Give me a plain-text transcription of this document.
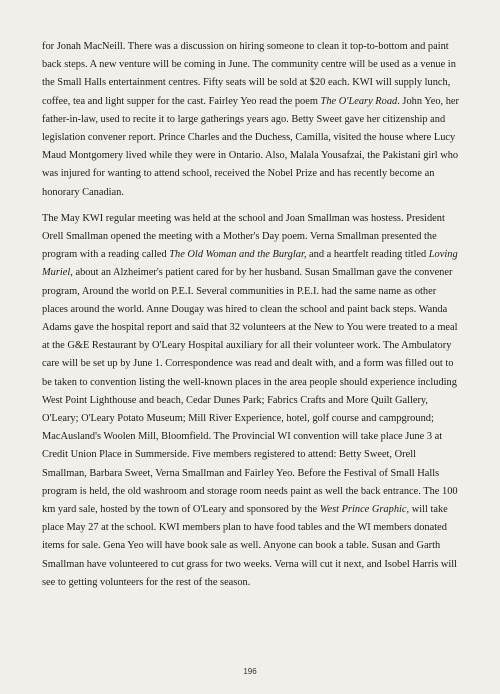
for Jonah MacNeill. There was a discussion on hiring someone to clean it top-to-bottom and paint back steps. A new venture will be coming in June. The community centre will be used as a venue in the Small Halls entertainment centres. Fifty seats will be sold at $20 each. KWI will supply lunch, coffee, tea and light supper for the cast. Fairley Yeo read the poem The O'Leary Road. John Yeo, her father-in-law, used to recite it to large gatherings years ago. Betty Sweet gave her citizenship and legislation convener report. Prince Charles and the Duchess, Camilla, visited the house where Lucy Maud Montgomery lived while they were in Ontario. Also, Malala Yousafzai, the Pakistani girl who was injured for wanting to attend school, received the Nobel Prize and has recently become an honorary Canadian.

The May KWI regular meeting was held at the school and Joan Smallman was hostess. President Orell Smallman opened the meeting with a Mother's Day poem. Verna Smallman presented the program with a reading called The Old Woman and the Burglar, and a heartfelt reading titled Loving Muriel, about an Alzheimer's patient cared for by her husband. Susan Smallman gave the convener program, Around the world on P.E.I. Several communities in P.E.I. had the same name as other places around the world. Anne Dougay was hired to clean the school and paint back steps. Wanda Adams gave the hospital report and said that 32 volunteers at the New to You were treated to a meal at the G&E Restaurant by O'Leary Hospital auxiliary for all their volunteer work. The Ambulatory care will be set up by June 1. Correspondence was read and dealt with, and a form was filled out to be taken to convention listing the well-known places in the area people should experience including West Point Lighthouse and beach, Cedar Dunes Park; Fabrics Crafts and More Quilt Gallery, O'Leary; O'Leary Potato Museum; Mill River Experience, hotel, golf course and campground; MacAusland's Woolen Mill, Bloomfield. The Provincial WI convention will take place June 3 at Credit Union Place in Summerside. Five members registered to attend: Betty Sweet, Orell Smallman, Barbara Sweet, Verna Smallman and Fairley Yeo. Before the Festival of Small Halls program is held, the old washroom and storage room needs paint as well the back entrance. The 100 km yard sale, hosted by the town of O'Leary and sponsored by the West Prince Graphic, will take place May 27 at the school. KWI members plan to have food tables and the WI members donated items for sale. Gena Yeo will have book sale as well. Anyone can book a table. Susan and Garth Smallman have volunteered to cut grass for two weeks. Verna will cut it next, and Isobel Harris will see to getting volunteers for the rest of the season.

196
